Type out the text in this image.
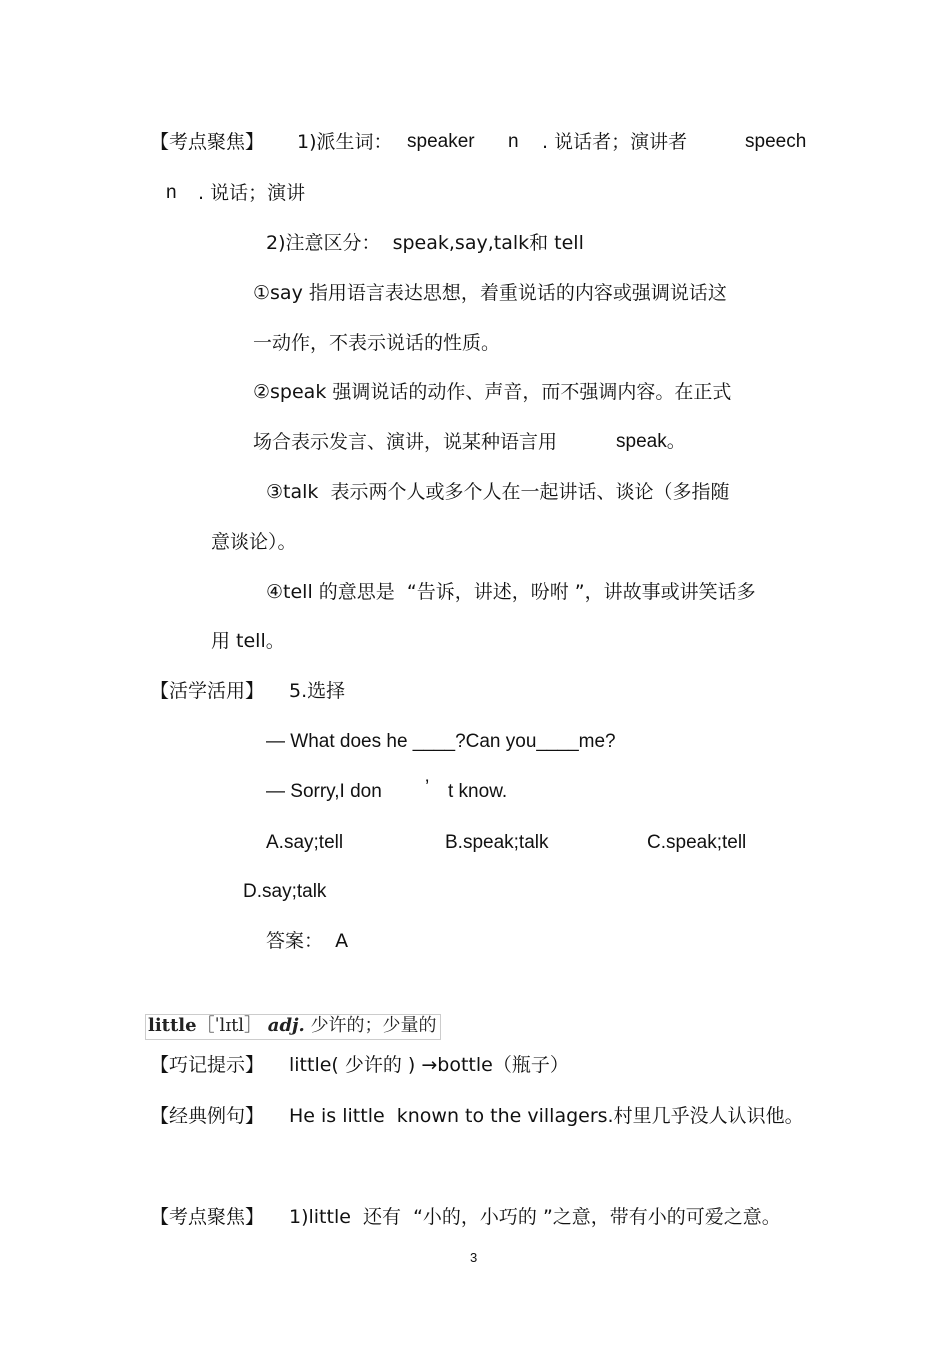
【考点聚焦】 1)派生词： speaker n . 说话者；演讲者	speech
n . 说话；演讲
2)注意区分：  speak,say,talk和 tell
①say 指用语言表达思想，着重说话的内容或强调说话这
一动作，不表示说话的性质。
②speak 强调说话的动作、声音，而不强调内容。在正式
场合表示发言、演讲，说某种语言用	speak。
③talk  表示两个人或多个人在一起讲话、谈论（多指随
意谈论）。
④tell 的意思是  “告诉，讲述，吩咐 ”，讲故事或讲笑话多
用 tell。
【活学活用】 5.选择
— What does he ____?Can you____me?
— Sorry,I don ’ t know.
A.say;tell	B.speak;talk	C.speak;tell
D.say;talk
答案：  A
little［ˈlɪtl］ adj. 少许的；少量的
【巧记提示】 little( 少许的 ) →bottle（瓶子）
【经典例句】 He is little  known to the villagers.村里几乎没人认识他。
【考点聚焦】 1)little  还有  “小的，小巧的 ”之意，带有小的可爱之意。
3
